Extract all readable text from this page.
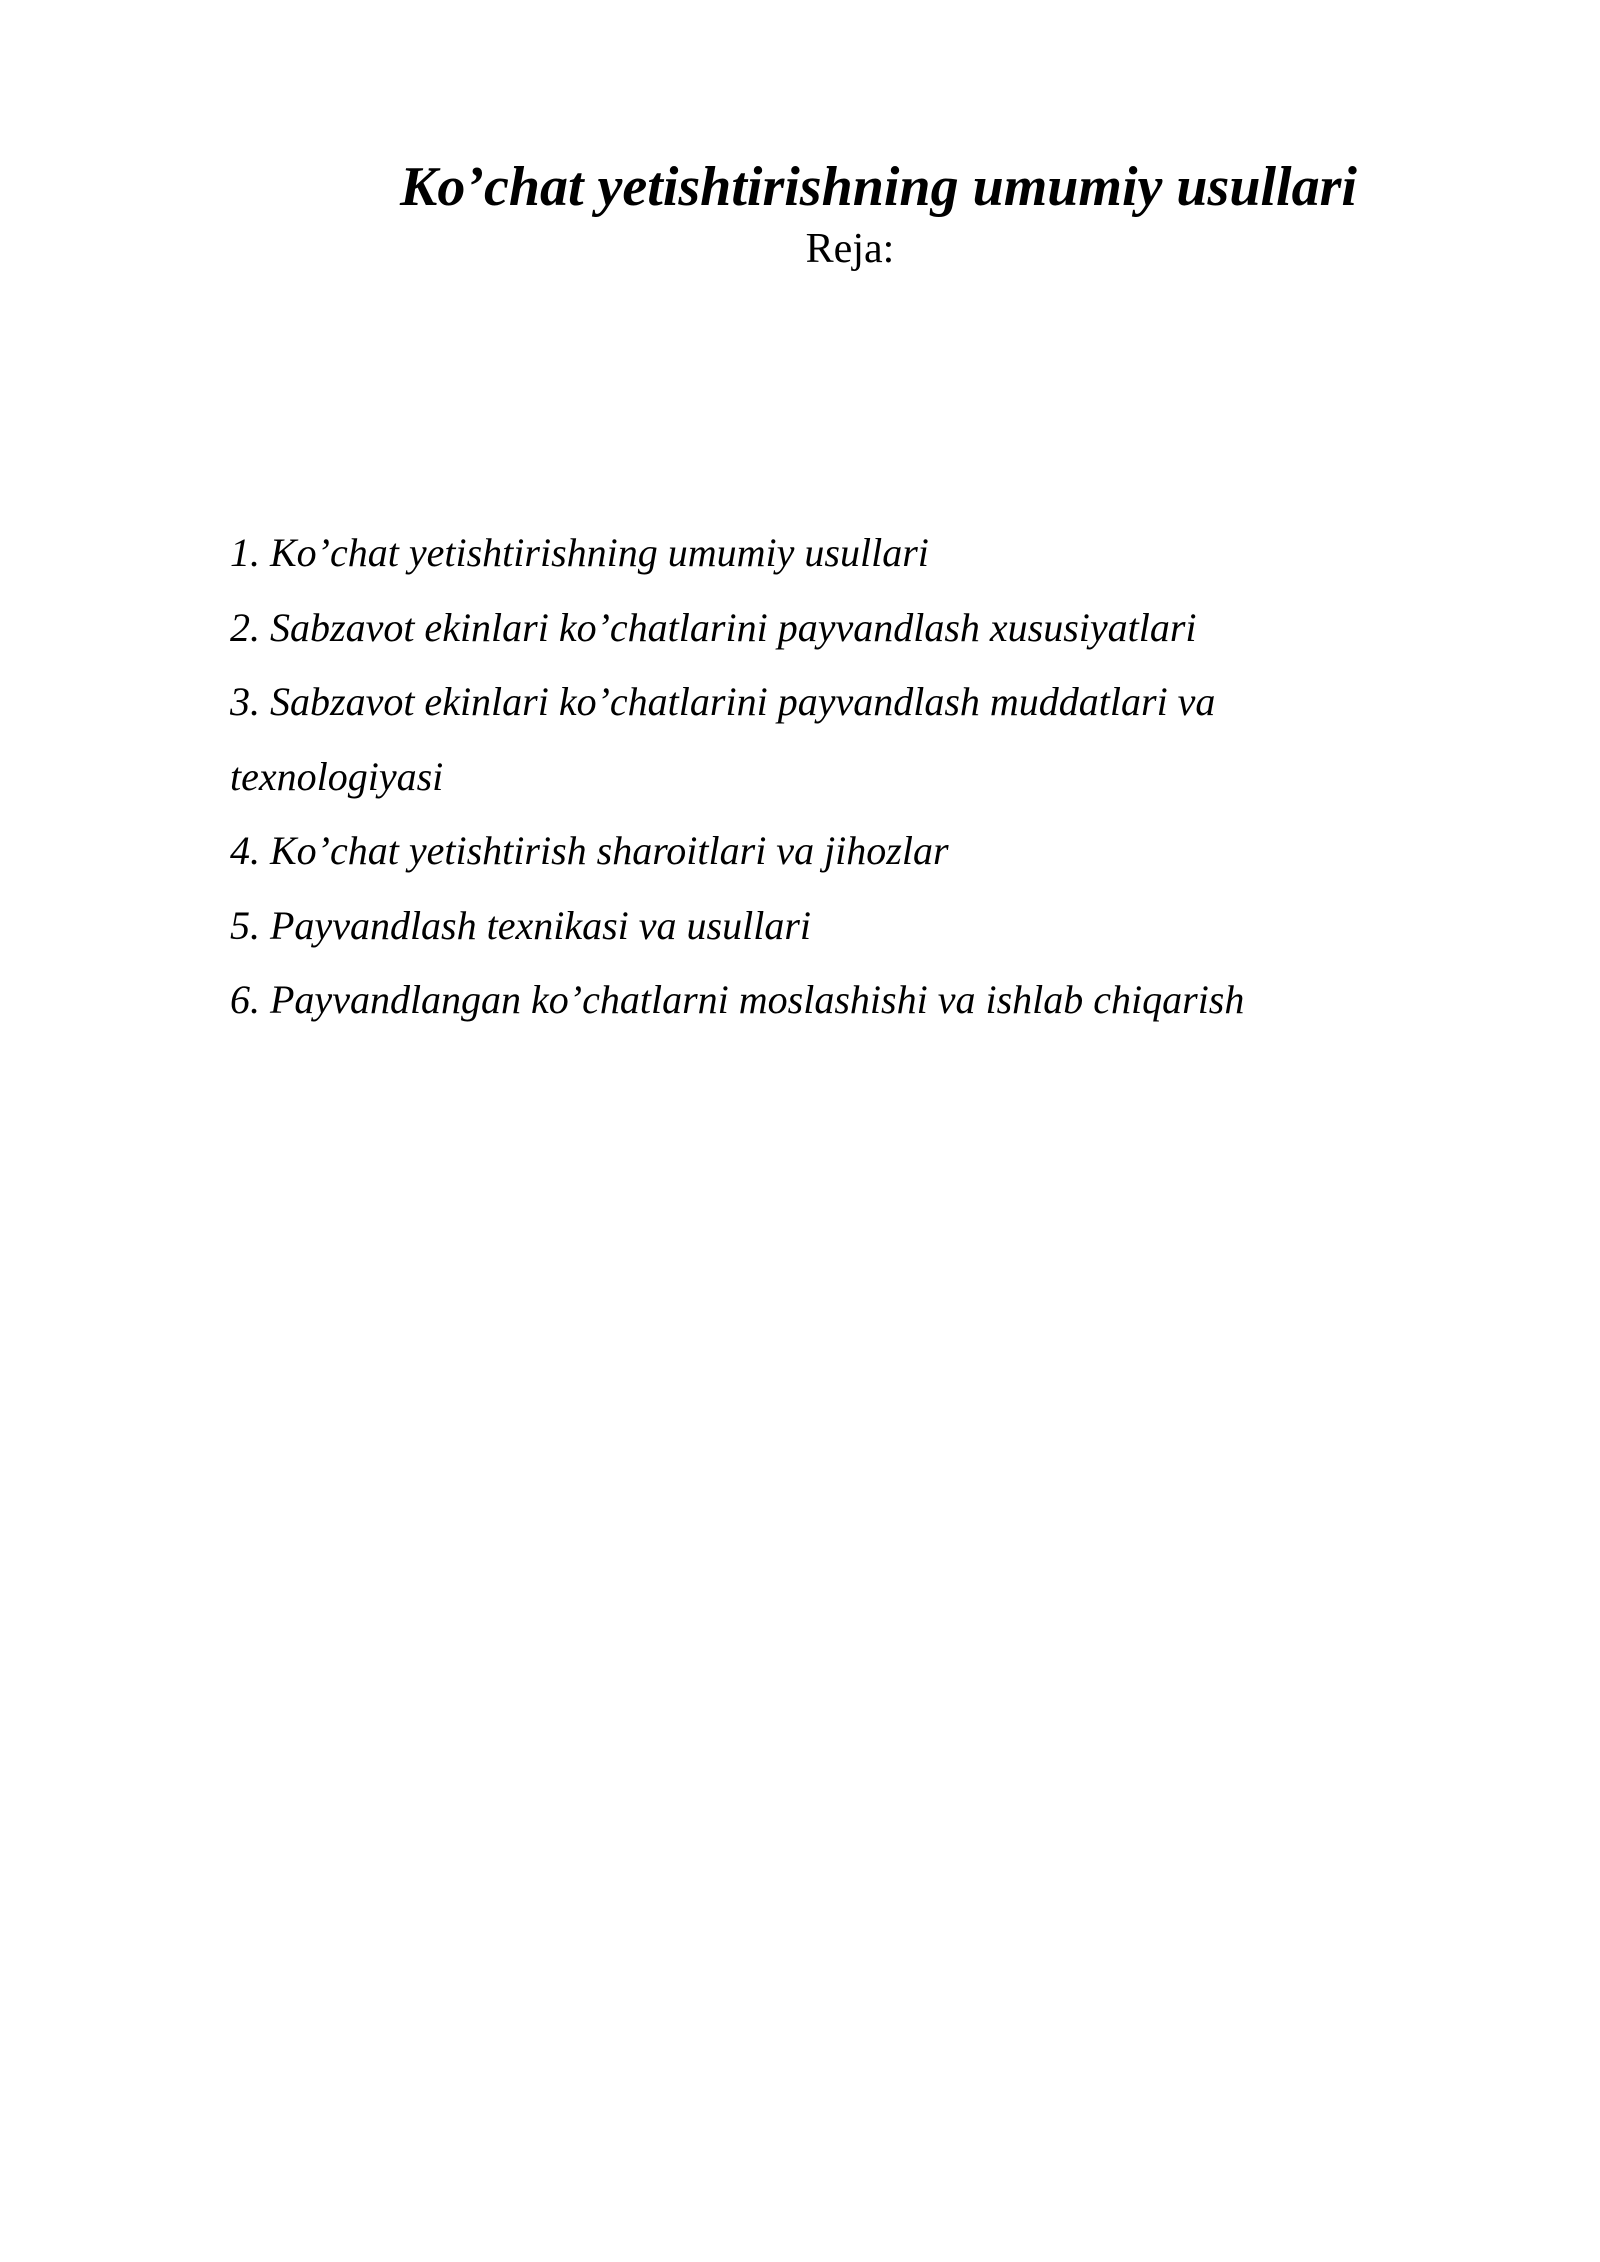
Ko’chat yetishtirishning umumiy usullari
Reja:
1. Ko’chat yetishtirishning umumiy usullari
2. Sabzavot ekinlari ko’chatlarini payvandlash xususiyatlari
3. Sabzavot ekinlari ko’chatlarini payvandlash muddatlari va
texnologiyasi
4. Ko’chat yetishtirish sharoitlari va jihozlar
5. Payvandlash texnikasi va usullari
6. Payvandlangan ko’chatlarni moslashishi va ishlab chiqarish
